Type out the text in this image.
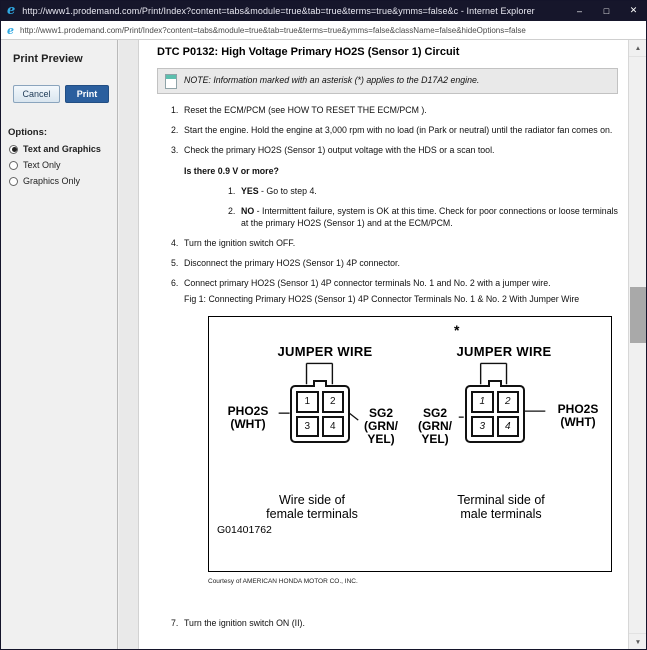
e http://www1.prodemand.com/Print/Index?content=tabs&module=true&tab=true&terms=true&ymms=false&c - Internet Explorer	–	□	✕
e http://www1.prodemand.com/Print/Index?content=tabs&module=true&tab=true&terms=true&ymms=false&className=false&hideOptions=false
Print Preview
Cancel	Print
Options:
Text and Graphics
Text Only
Graphics Only
DTC P0132: High Voltage Primary HO2S (Sensor 1) Circuit
NOTE: Information marked with an asterisk (*) applies to the D17A2 engine.
1. Reset the ECM/PCM (see HOW TO RESET THE ECM/PCM ).
2. Start the engine. Hold the engine at 3,000 rpm with no load (in Park or neutral) until the radiator fan comes on.
3. Check the primary HO2S (Sensor 1) output voltage with the HDS or a scan tool.
Is there 0.9 V or more?
1. YES - Go to step 4.
2. NO - Intermittent failure, system is OK at this time. Check for poor connections or loose terminals at the primary HO2S (Sensor 1) and at the ECM/PCM.
4. Turn the ignition switch OFF.
5. Disconnect the primary HO2S (Sensor 1) 4P connector.
6. Connect primary HO2S (Sensor 1) 4P connector terminals No. 1 and No. 2 with a jumper wire.
Fig 1: Connecting Primary HO2S (Sensor 1) 4P Connector Terminals No. 1 & No. 2 With Jumper Wire
JUMPER WIRE
*
JUMPER WIRE
PHO2S (WHT)
SG2 (GRN/ YEL)
SG2 (GRN/ YEL)
PHO2S (WHT)
1	2
3	4
1	2
3	4
Wire side of female terminals
Terminal side of male terminals
G01401762
Courtesy of AMERICAN HONDA MOTOR CO., INC.
7. Turn the ignition switch ON (II).
▲
▼
